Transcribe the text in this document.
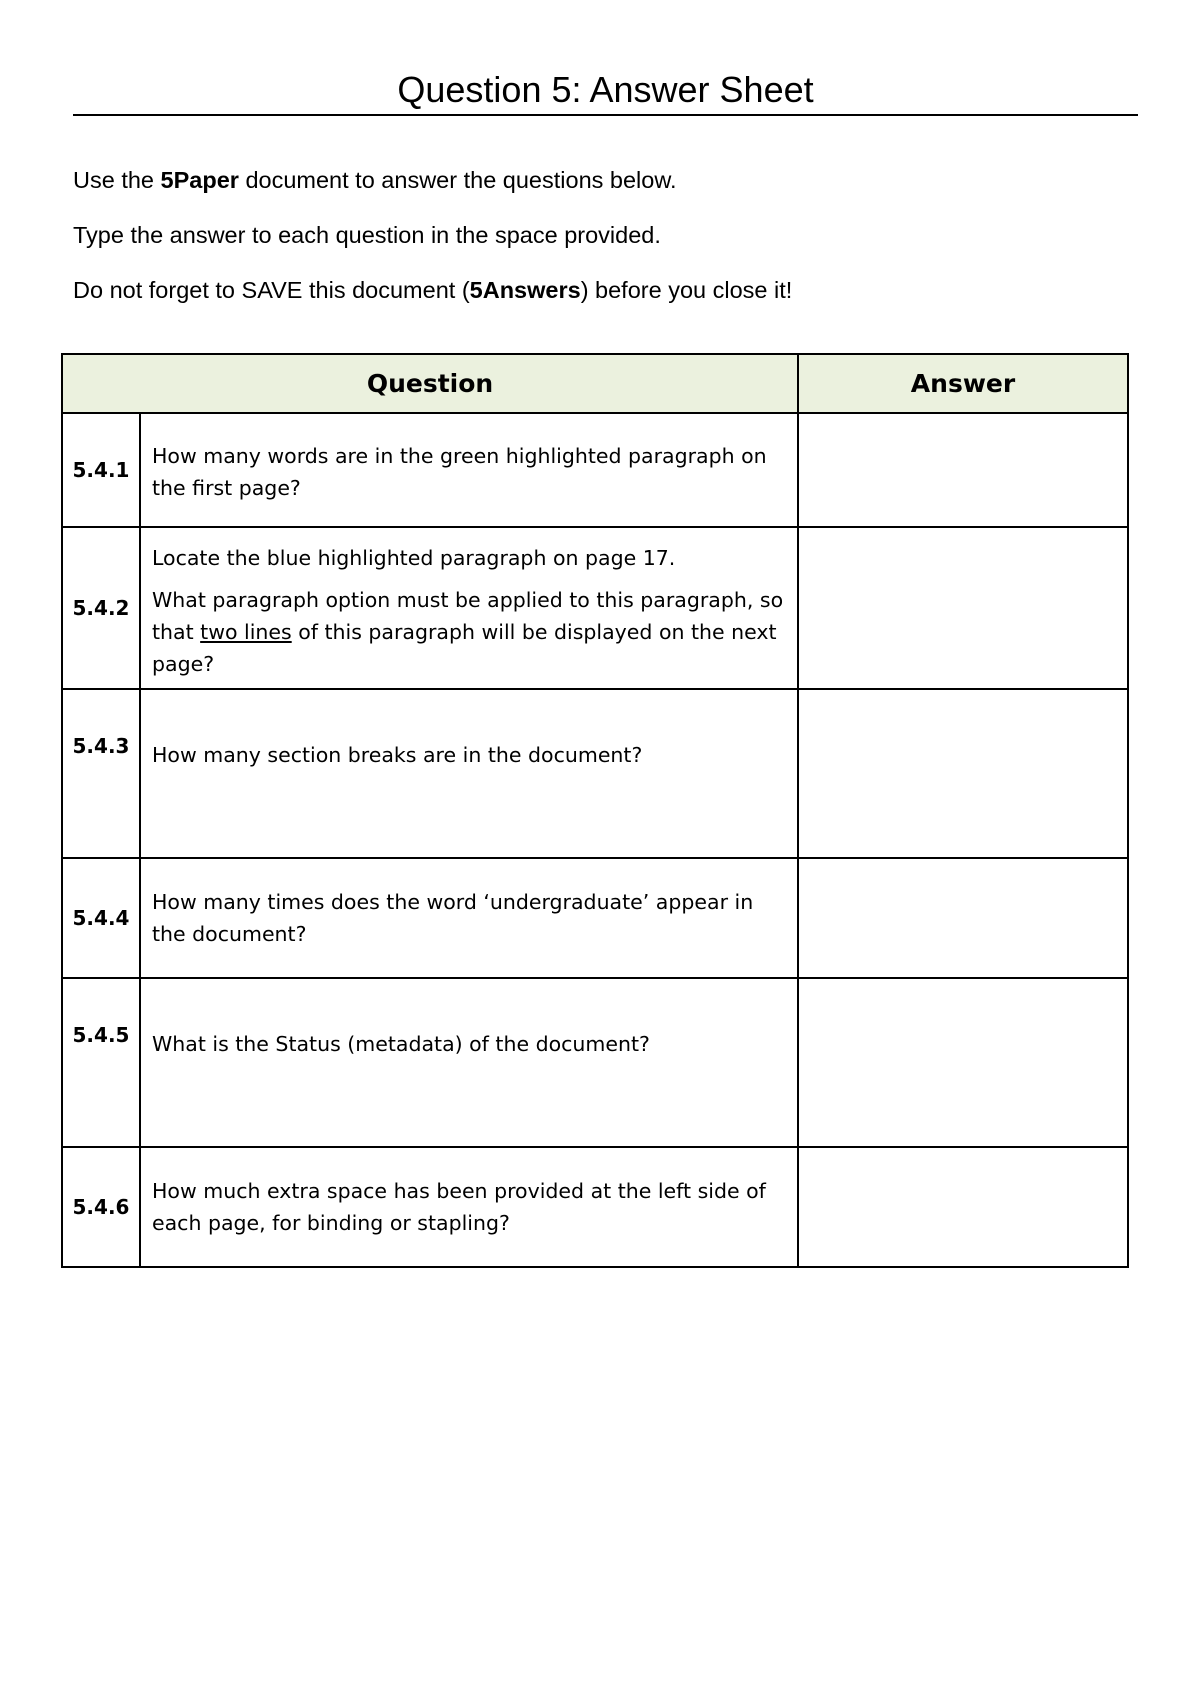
Question 5: Answer Sheet

Use the 5Paper document to answer the questions below.

Type the answer to each question in the space provided.

Do not forget to SAVE this document (5Answers) before you close it!

Question		Answer
5.4.1	How many words are in the green highlighted paragraph on the first page?	
5.4.2	Locate the blue highlighted paragraph on page 17.

What paragraph option must be applied to this paragraph, so that two lines of this paragraph will be displayed on the next page?	

5.4.3	How many section breaks are in the document?	
5.4.4	How many times does the word ‘undergraduate’ appear in the document?	
5.4.5	What is the Status (metadata) of the document?	
5.4.6	How much extra space has been provided at the left side of each page, for binding or stapling?	
